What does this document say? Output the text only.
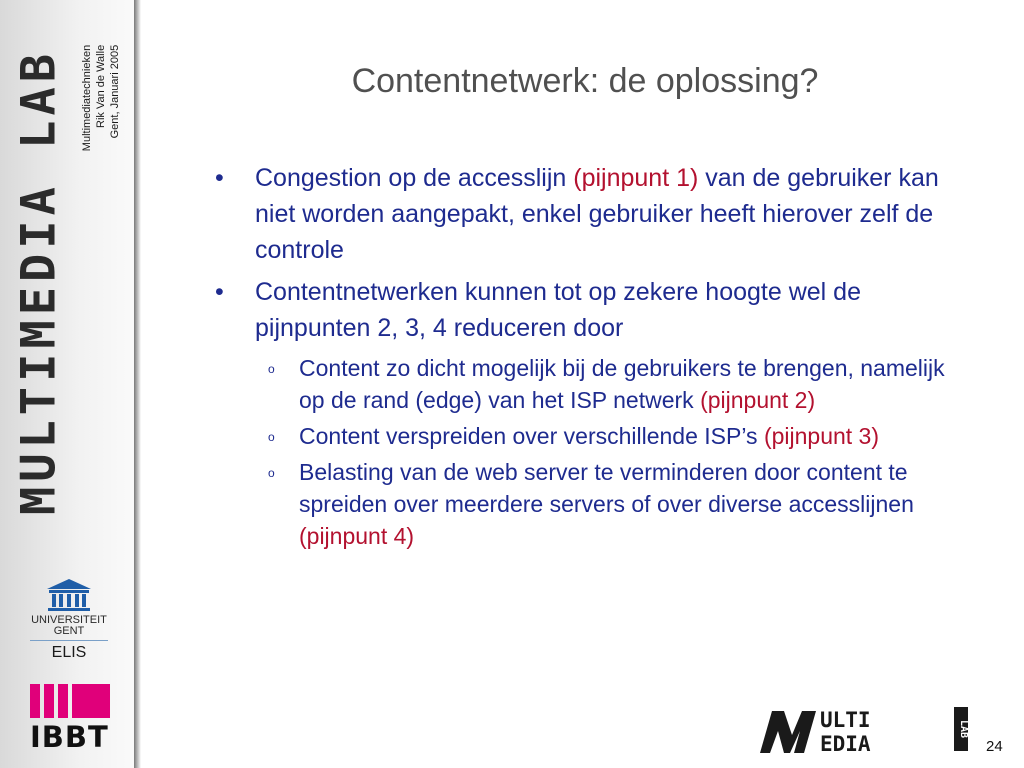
MULTIMEDIA LAB Multimediatechnieken Rik Van de Walle Gent, Januari 2005
UNIVERSITEIT
GENT
ELIS
IBBT
Contentnetwerk: de oplossing?
• Congestion op de accesslijn (pijnpunt 1) van de gebruiker kan niet worden aangepakt, enkel gebruiker heeft hierover zelf de controle
• Contentnetwerken kunnen tot op zekere hoogte wel de pijnpunten 2, 3, 4 reduceren door
o Content zo dicht mogelijk bij de gebruikers te brengen, namelijk op de rand (edge) van het ISP netwerk (pijnpunt 2)
o Content verspreiden over verschillende ISP’s (pijnpunt 3)
o Belasting van de web server te verminderen door content te spreiden over meerdere servers of over diverse accesslijnen (pijnpunt 4)
ULTI
EDIA
LAB
24
